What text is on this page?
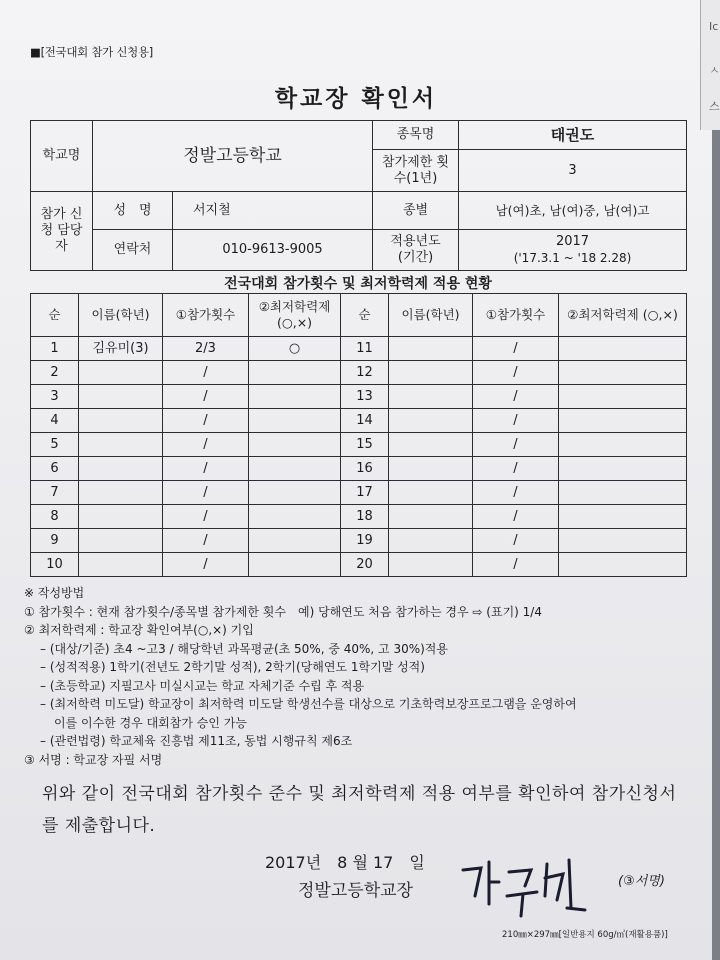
Ic
ㅅ
스
■[전국대회 참가 신청용]
학교장 확인서
학교명	정발고등학교		종목명	태권도
			참가제한 횟수(1년)	3
참가 신청 담당자	성　명	서지철	종별	남(여)초, 남(여)중, 남(여)고
	연락처	010-9613-9005	적용년도 (기간)	2017
('17.3.1 ~ '18 2.28)
전국대회 참가횟수 및 최저학력제 적용 현황
순	이름(학년)	①참가횟수	②최저학력제 (○,×)	순	이름(학년)	①참가횟수	②최저학력제 (○,×)
1	김유미(3)	2/3	○	11		/	
2		/		12		/	
3		/		13		/	
4		/		14		/	
5		/		15		/	
6		/		16		/	
7		/		17		/	
8		/		18		/	
9		/		19		/	
10		/		20		/	
※ 작성방법
① 참가횟수 : 현재 참가횟수/종목별 참가제한 횟수　예) 당해연도 처음 참가하는 경우 ⇨ (표기) 1/4
② 최저학력제 : 학교장 확인여부(○,×) 기입
– (대상/기준) 초4 ~고3 / 해당학년 과목평균(초 50%, 중 40%, 고 30%)적용
– (성적적용) 1학기(전년도 2학기말 성적), 2학기(당해연도 1학기말 성적)
– (초등학교) 지필고사 미실시교는 학교 자체기준 수립 후 적용
– (최저학력 미도달) 학교장이 최저학력 미도달 학생선수를 대상으로 기초학력보장프로그램을 운영하여
이를 이수한 경우 대회참가 승인 가능
– (관련법령) 학교체육 진흥법 제11조, 동법 시행규칙 제6조
③ 서명 : 학교장 자필 서명
위와 같이 전국대회 참가횟수 준수 및 최저학력제 적용 여부를 확인하여 참가신청서를 제출합니다.
2017년　8 월 17　일
정발고등학교장	(③서명)
210㎜×297㎜[일반용지 60g/㎡(재활용품)]
